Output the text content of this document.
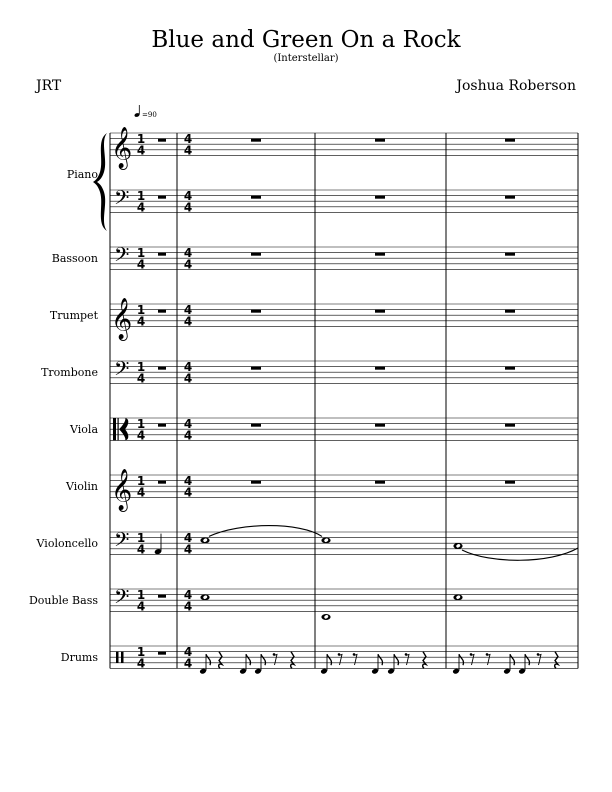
Blue and Green On a Rock
(Interstellar)
JRT	Joshua Roberson
=90
Piano
𝄞 1
4
4
4
𝄢 1
4
4
4
Bassoon 𝄢 1
4
4
4
Trumpet 𝄞 1
4
4
4
Trombone 𝄢 1
4
4
4
Viola	1
4
4
4
Violin 𝄞 1
4
4
4
Violoncello 𝄢 1
4
4
4
Double Bass 𝄢 1
4
4
4
Drums	1
4
4
4
